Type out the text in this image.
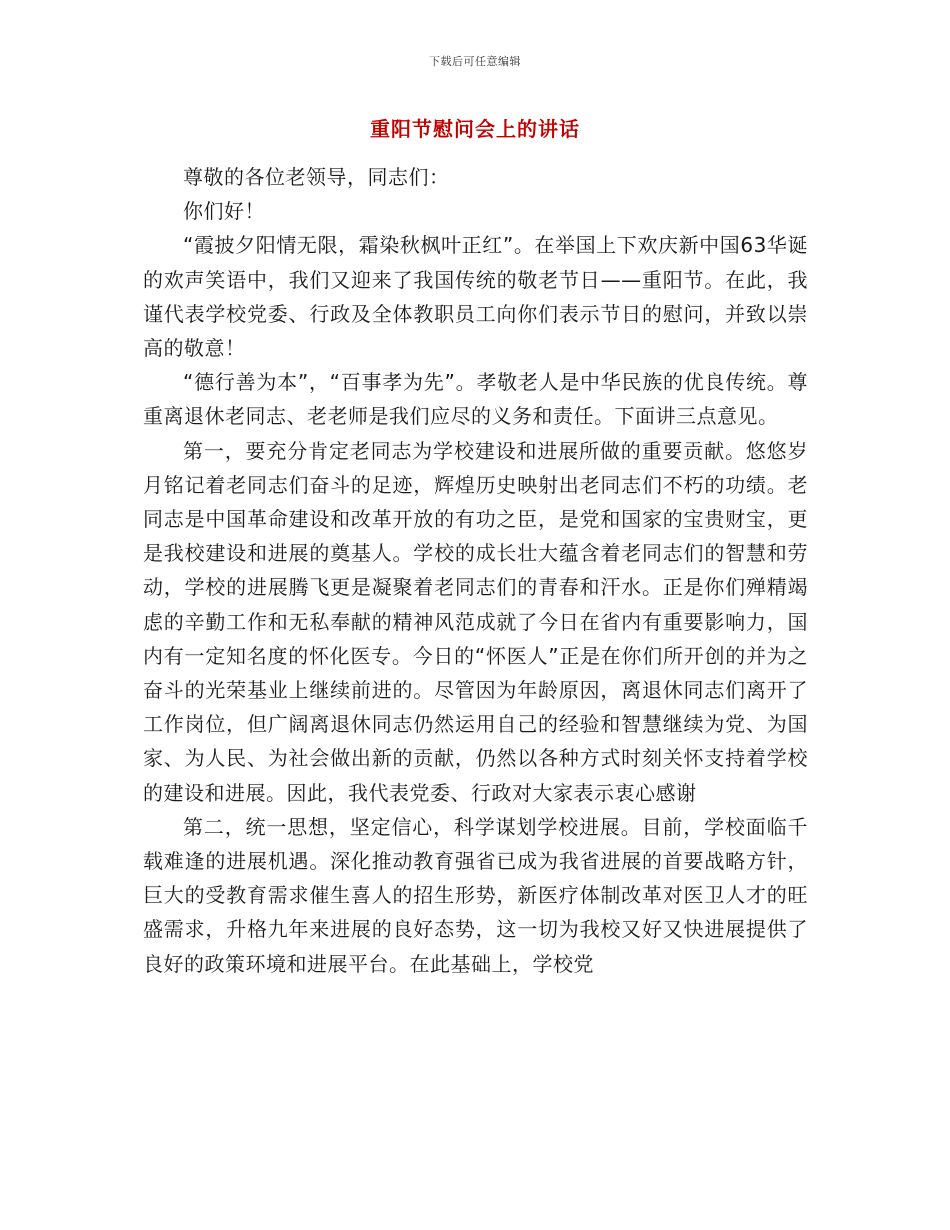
下载后可任意编辑
重阳节慰问会上的讲话

尊敬的各位老领导，同志们：

你们好！

“霞披夕阳情无限，霜染秋枫叶正红”。在举国上下欢庆新中国63华诞的欢声笑语中，我们又迎来了我国传统的敬老节日——重阳节。在此，我谨代表学校党委、行政及全体教职员工向你们表示节日的慰问，并致以崇高的敬意！

“德行善为本”，“百事孝为先”。孝敬老人是中华民族的优良传统。尊重离退休老同志、老老师是我们应尽的义务和责任。下面讲三点意见。

第一，要充分肯定老同志为学校建设和进展所做的重要贡献。悠悠岁月铭记着老同志们奋斗的足迹，辉煌历史映射出老同志们不朽的功绩。老同志是中国革命建设和改革开放的有功之臣，是党和国家的宝贵财宝，更是我校建设和进展的奠基人。学校的成长壮大蕴含着老同志们的智慧和劳动，学校的进展腾飞更是凝聚着老同志们的青春和汗水。正是你们殚精竭虑的辛勤工作和无私奉献的精神风范成就了今日在省内有重要影响力，国内有一定知名度的怀化医专。今日的“怀医人”正是在你们所开创的并为之奋斗的光荣基业上继续前进的。尽管因为年龄原因，离退休同志们离开了工作岗位，但广阔离退休同志仍然运用自己的经验和智慧继续为党、为国家、为人民、为社会做出新的贡献，仍然以各种方式时刻关怀支持着学校的建设和进展。因此，我代表党委、行政对大家表示衷心感谢

第二，统一思想，坚定信心，科学谋划学校进展。目前，学校面临千载难逢的进展机遇。深化推动教育强省已成为我省进展的首要战略方针，巨大的受教育需求催生喜人的招生形势，新医疗体制改革对医卫人才的旺盛需求，升格九年来进展的良好态势，这一切为我校又好又快进展提供了良好的政策环境和进展平台。在此基础上，学校党
